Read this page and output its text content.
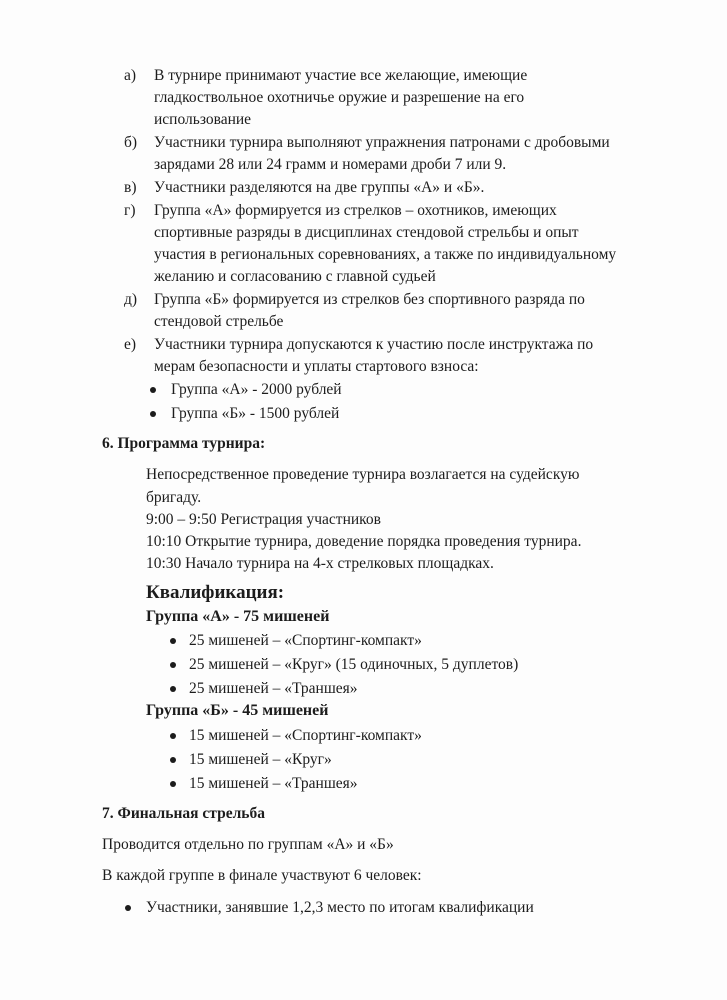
а) В турнире принимают участие все желающие, имеющие
гладкоствольное охотничье оружие и разрешение на его
использование
б) Участники турнира выполняют упражнения патронами с дробовыми
зарядами 28 или 24 грамм и номерами дроби 7 или 9.
в) Участники разделяются на две группы «А» и «Б».
г) Группа «А» формируется из стрелков – охотников, имеющих
спортивные разряды в дисциплинах стендовой стрельбы и опыт
участия в региональных соревнованиях, а также по индивидуальному
желанию и согласованию с главной судьей
д) Группа «Б» формируется из стрелков без спортивного разряда по
стендовой стрельбе
е) Участники турнира допускаются к участию после инструктажа по
мерам безопасности и уплаты стартового взноса:
Группа «А» - 2000 рублей
Группа «Б» - 1500 рублей
6. Программа турнира:
Непосредственное проведение турнира возлагается на судейскую
бригаду.
9:00 – 9:50 Регистрация участников
10:10 Открытие турнира, доведение порядка проведения турнира.
10:30 Начало турнира на 4-х стрелковых площадках.
Квалификация:
Группа «А» - 75 мишеней
25 мишеней – «Спортинг-компакт»
25 мишеней – «Круг» (15 одиночных, 5 дуплетов)
25 мишеней – «Траншея»
Группа «Б» - 45 мишеней
15 мишеней – «Спортинг-компакт»
15 мишеней – «Круг»
15 мишеней – «Траншея»
7. Финальная стрельба
Проводится отдельно по группам «А» и «Б»
В каждой группе в финале участвуют 6 человек:
Участники, занявшие 1,2,3 место по итогам квалификации
